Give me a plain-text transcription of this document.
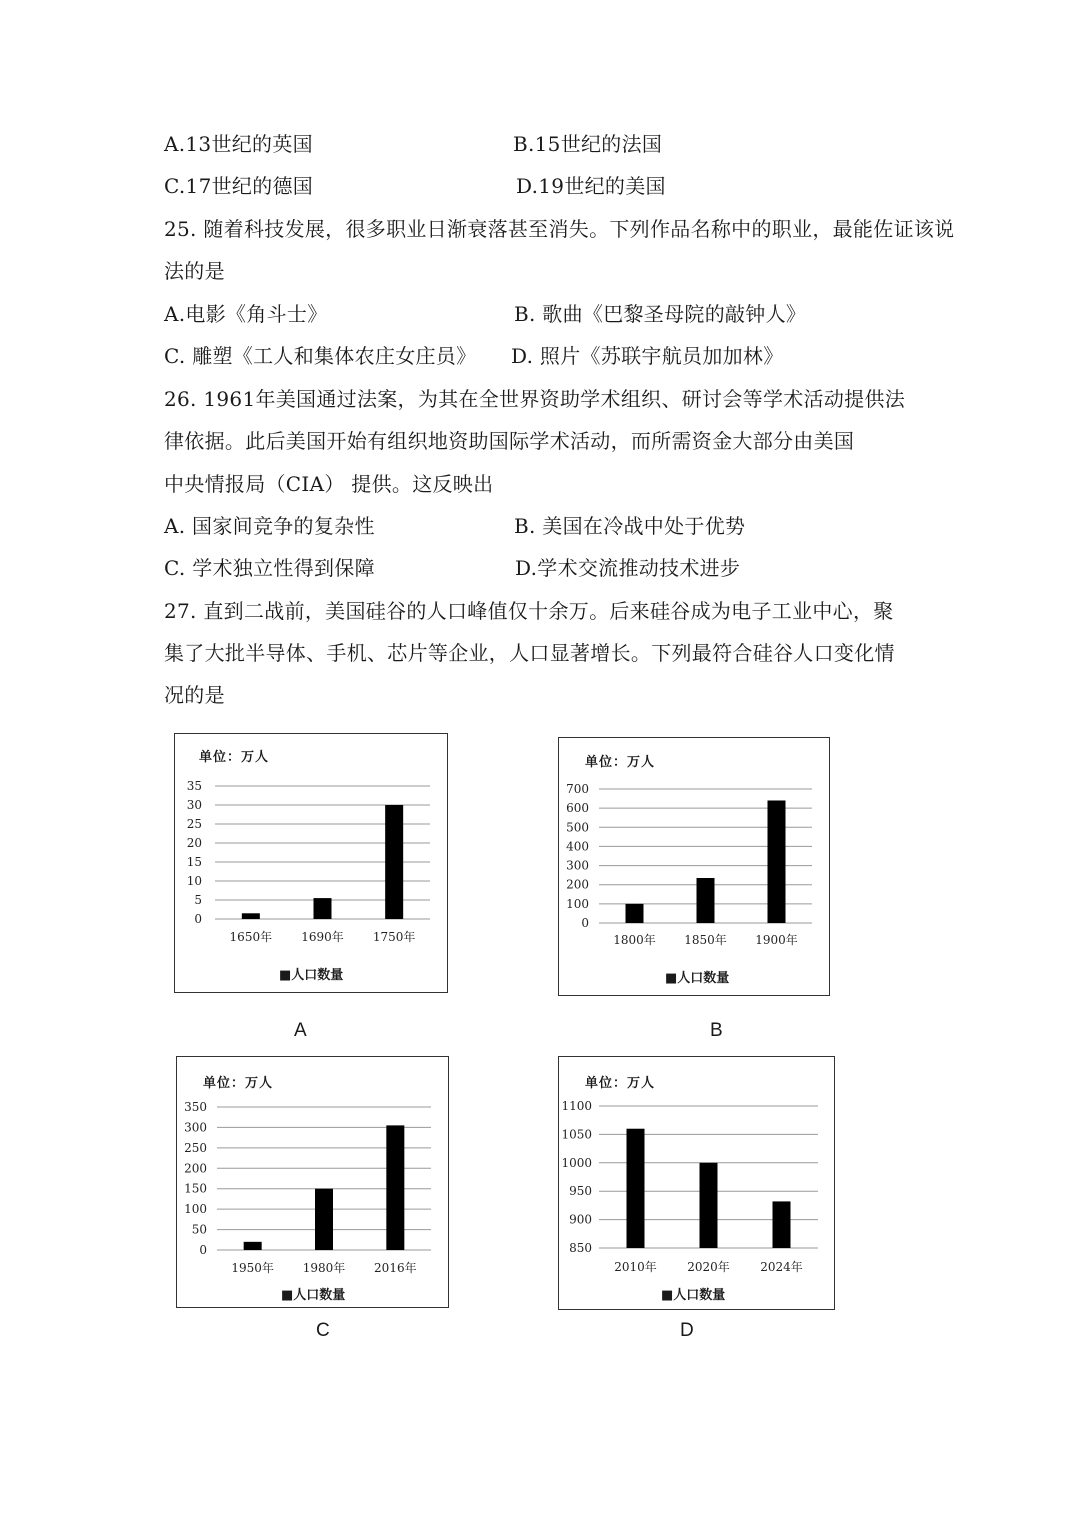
A.13世纪的英国	B.15世纪的法国
C.17世纪的德国	D.19世纪的美国
25. 随着科技发展，很多职业日渐衰落甚至消失。下列作品名称中的职业，最能佐证该说
法的是
A.电影《角斗士》	B. 歌曲《巴黎圣母院的敲钟人》
C. 雕塑《工人和集体农庄女庄员》 D. 照片《苏联宇航员加加林》
26. 1961年美国通过法案，为其在全世界资助学术组织、研讨会等学术活动提供法
律依据。此后美国开始有组织地资助国际学术活动，而所需资金大部分由美国
中央情报局（CIA） 提供。这反映出
A. 国家间竞争的复杂性	B. 美国在冷战中处于优势
C. 学术独立性得到保障	D.学术交流推动技术进步
27. 直到二战前，美国硅谷的人口峰值仅十余万。后来硅谷成为电子工业中心，聚
集了大批半导体、手机、芯片等企业，人口显著增长。下列最符合硅谷人口变化情
况的是
35
30
25
20
15
10
5
0
1650年 1690年 1750年
单位：万人
■人口数量
A
700
600
500
400
300
200
100
0
1800年 1850年 1900年
单位：万人
■人口数量
B
350
300
250
200
150
100
50
0
1950年 1980年 2016年
单位：万人
■人口数量
C
1100
1050
1000
950
900
850
2010年	2020年	2024年
单位：万人
■人口数量
D
